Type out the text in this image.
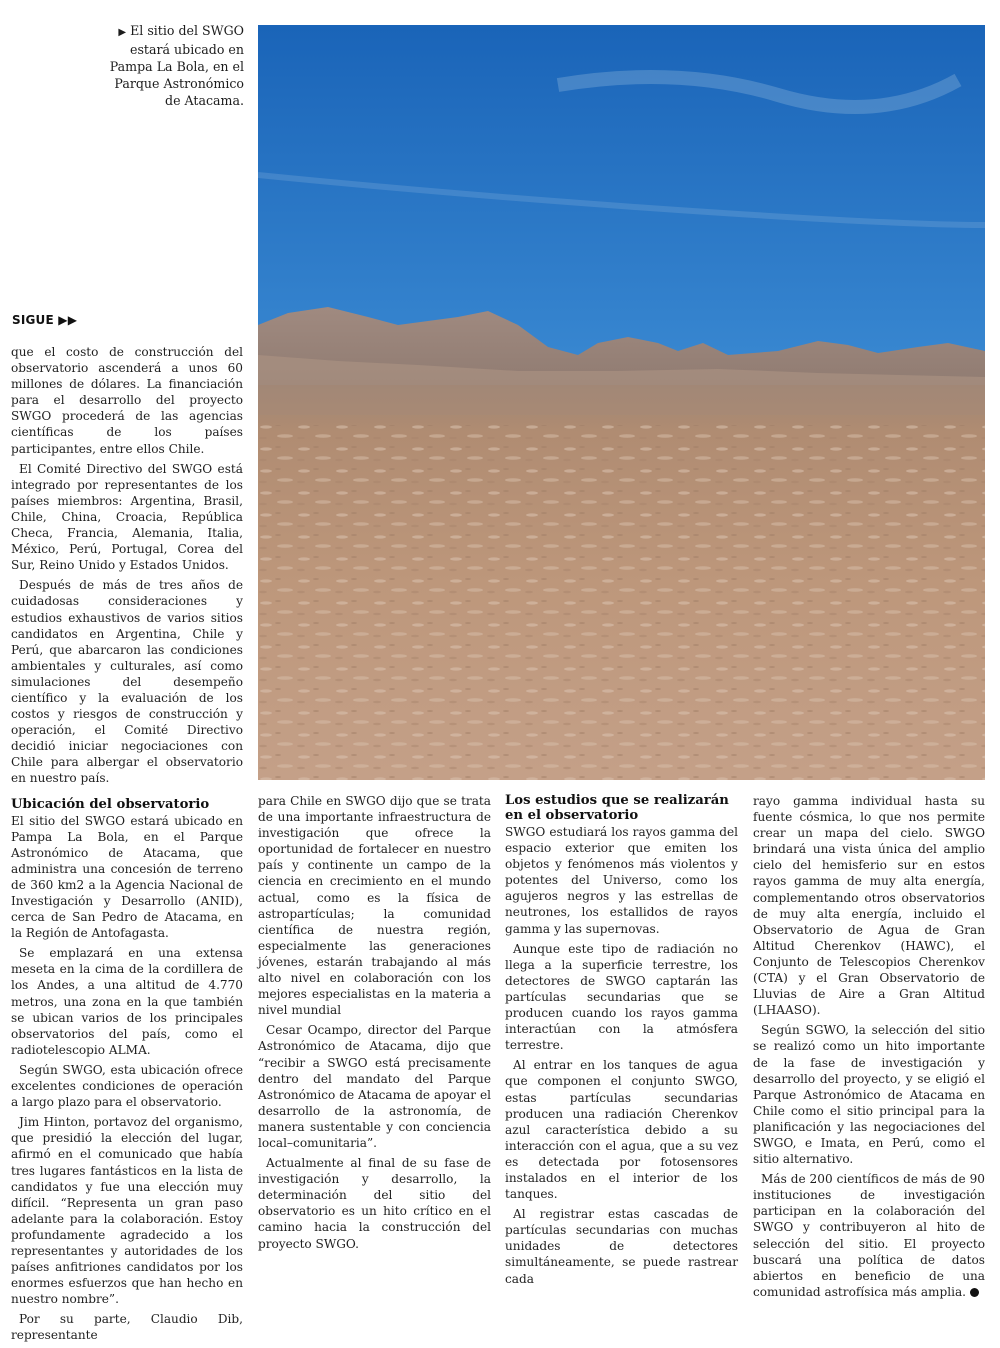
▶ El sitio del SWGO estará ubicado en Pampa La Bola, en el Parque Astronómico de Atacama.
SIGUE ▶▶

que el costo de construcción del observatorio ascenderá a unos 60 millones de dólares. La financiación para el desarrollo del proyecto SWGO procederá de las agencias científicas de los países participantes, entre ellos Chile.

El Comité Directivo del SWGO está integrado por representantes de los países miembros: Argentina, Brasil, Chile, China, Croacia, República Checa, Francia, Alemania, Italia, México, Perú, Portugal, Corea del Sur, Reino Unido y Estados Unidos.

Después de más de tres años de cuidadosas consideraciones y estudios exhaustivos de varios sitios candidatos en Argentina, Chile y Perú, que abarcaron las condiciones ambientales y culturales, así como simulaciones del desempeño científico y la evaluación de los costos y riesgos de construcción y operación, el Comité Directivo decidió iniciar negociaciones con Chile para albergar el observatorio en nuestro país.

Ubicación del observatorio

El sitio del SWGO estará ubicado en Pampa La Bola, en el Parque Astronómico de Atacama, que administra una concesión de terreno de 360 km2 a la Agencia Nacional de Investigación y Desarrollo (ANID), cerca de San Pedro de Atacama, en la Región de Antofagasta.

Se emplazará en una extensa meseta en la cima de la cordillera de los Andes, a una altitud de 4.770 metros, una zona en la que también se ubican varios de los principales observatorios del país, como el radiotelescopio ALMA.

Según SWGO, esta ubicación ofrece excelentes condiciones de operación a largo plazo para el observatorio.

Jim Hinton, portavoz del organismo, que presidió la elección del lugar, afirmó en el comunicado que había tres lugares fantásticos en la lista de candidatos y fue una elección muy difícil. “Representa un gran paso adelante para la colaboración. Estoy profundamente agradecido a los representantes y autoridades de los países anfitriones candidatos por los enormes esfuerzos que han hecho en nuestro nombre”.

Por su parte, Claudio Dib, representante

para Chile en SWGO dijo que se trata de una importante infraestructura de investigación que ofrece la oportunidad de fortalecer en nuestro país y continente un campo de la ciencia en crecimiento en el mundo actual, como es la física de astropartículas; la comunidad científica de nuestra región, especialmente las generaciones jóvenes, estarán trabajando al más alto nivel en colaboración con los mejores especialistas en la materia a nivel mundial

Cesar Ocampo, director del Parque Astronómico de Atacama, dijo que “recibir a SWGO está precisamente dentro del mandato del Parque Astronómico de Atacama de apoyar el desarrollo de la astronomía, de manera sustentable y con conciencia local–comunitaria”.

Actualmente al final de su fase de investigación y desarrollo, la determinación del sitio del observatorio es un hito crítico en el camino hacia la construcción del proyecto SWGO.

Los estudios que se realizarán en el observatorio

SWGO estudiará los rayos gamma del espacio exterior que emiten los objetos y fenómenos más violentos y potentes del Universo, como los agujeros negros y las estrellas de neutrones, los estallidos de rayos gamma y las supernovas.

Aunque este tipo de radiación no llega a la superficie terrestre, los detectores de SWGO captarán las partículas secundarias que se producen cuando los rayos gamma interactúan con la atmósfera terrestre.

Al entrar en los tanques de agua que componen el conjunto SWGO, estas partículas secundarias producen una radiación Cherenkov azul característica debido a su interacción con el agua, que a su vez es detectada por fotosensores instalados en el interior de los tanques.

Al registrar estas cascadas de partículas secundarias con muchas unidades de detectores simultáneamente, se puede rastrear cada

rayo gamma individual hasta su fuente cósmica, lo que nos permite crear un mapa del cielo. SWGO brindará una vista única del amplio cielo del hemisferio sur en estos rayos gamma de muy alta energía, complementando otros observatorios de muy alta energía, incluido el Observatorio de Agua de Gran Altitud Cherenkov (HAWC), el Conjunto de Telescopios Cherenkov (CTA) y el Gran Observatorio de Lluvias de Aire a Gran Altitud (LHAASO).

Según SGWO, la selección del sitio se realizó como un hito importante de la fase de investigación y desarrollo del proyecto, y se eligió el Parque Astronómico de Atacama en Chile como el sitio principal para la planificación y las negociaciones del SWGO, e Imata, en Perú, como el sitio alternativo.

Más de 200 científicos de más de 90 instituciones de investigación participan en la colaboración del SWGO y contribuyeron al hito de selección del sitio. El proyecto buscará una política de datos abiertos en beneficio de una comunidad astrofísica más amplia.
